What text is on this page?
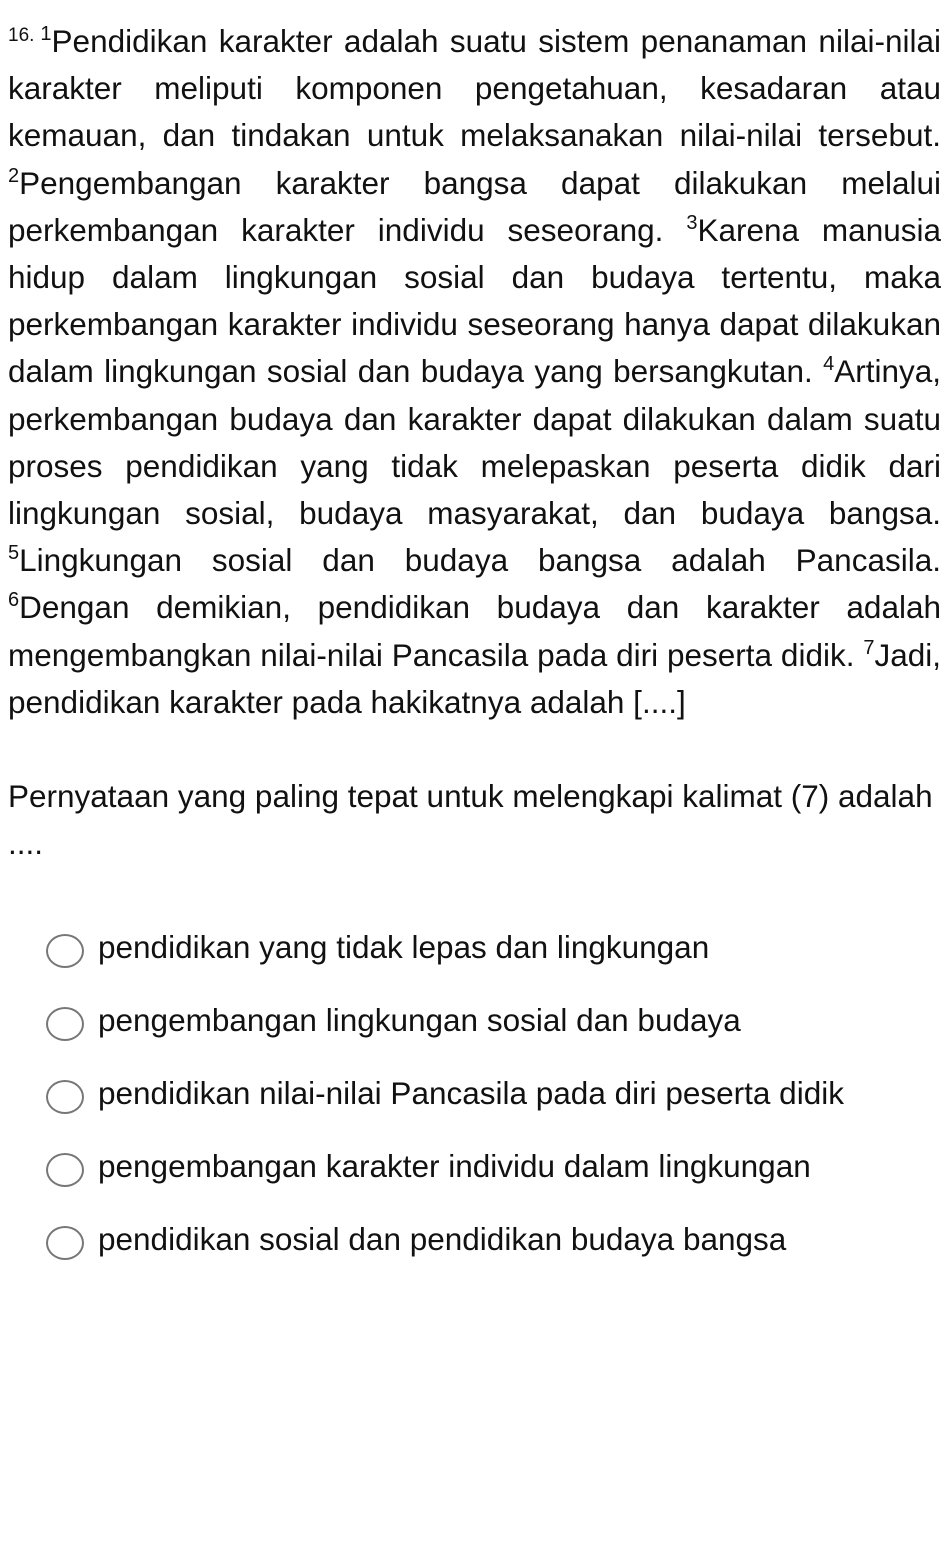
$^{16.}$ $^1$Pendidikan karakter adalah suatu sistem penanaman nilai-nilai karakter meliputi komponen pengetahuan, kesadaran atau kemauan, dan tindakan untuk melaksanakan nilai-nilai tersebut. $^2$Pengembangan karakter bangsa dapat dilakukan melalui perkembangan karakter individu seseorang. $^3$Karena manusia hidup dalam lingkungan sosial dan budaya tertentu, maka perkembangan karakter individu seseorang hanya dapat dilakukan dalam lingkungan sosial dan budaya yang bersangkutan. $^4$Artinya, perkembangan budaya dan karakter dapat dilakukan dalam suatu proses pendidikan yang tidak melepaskan peserta didik dari lingkungan sosial, budaya masyarakat, dan budaya bangsa. $^5$Lingkungan sosial dan budaya bangsa adalah Pancasila. $^6$Dengan demikian, pendidikan budaya dan karakter adalah mengembangkan nilai-nilai Pancasila pada diri peserta didik. $^7$Jadi, pendidikan karakter pada hakikatnya adalah [....]

Pernyataan yang paling tepat untuk melengkapi kalimat (7) adalah ....

pendidikan yang tidak lepas dan lingkungan
pengembangan lingkungan sosial dan budaya
pendidikan nilai-nilai Pancasila pada diri peserta didik
pengembangan karakter individu dalam lingkungan
pendidikan sosial dan pendidikan budaya bangsa
